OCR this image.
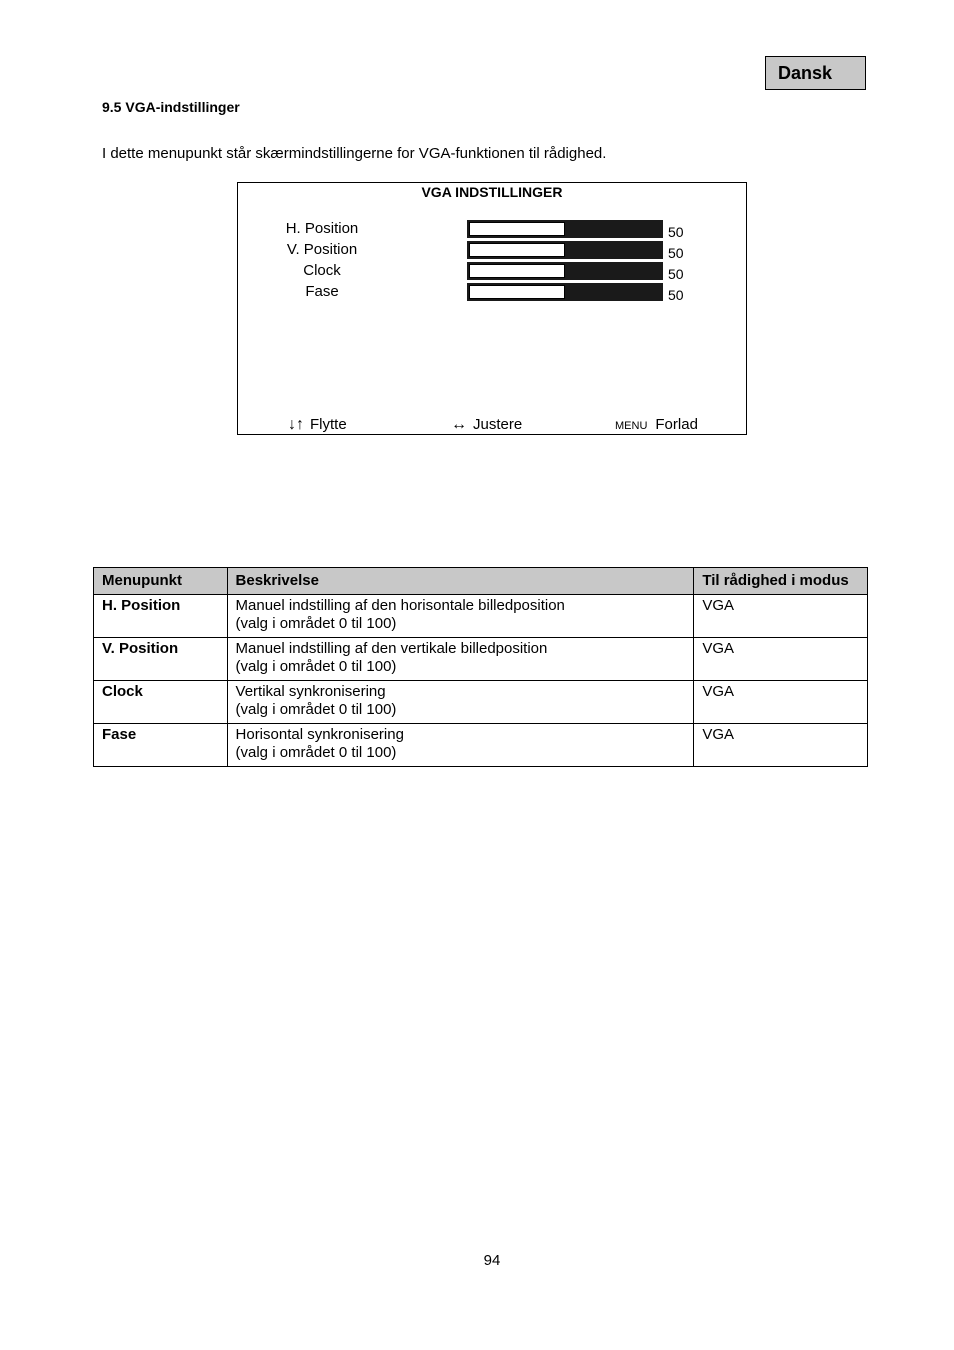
Dansk
9.5 VGA-indstillinger
I dette menupunkt står skærmindstillingerne for VGA-funktionen til rådighed.
VGA INDSTILLINGER
H. Position	50
V. Position	50
Clock	50
Fase	50
↓↑ Flytte	↔ Justere	MENU Forlad
Menupunkt	Beskrivelse	Til rådighed i modus
H. Position	Manuel indstilling af den horisontale billedposition
(valg i området 0 til 100)	VGA
V. Position	Manuel indstilling af den vertikale billedposition
(valg i området 0 til 100)	VGA
Clock	Vertikal synkronisering
(valg i området 0 til 100)	VGA
Fase	Horisontal synkronisering
(valg i området 0 til 100)	VGA
94
